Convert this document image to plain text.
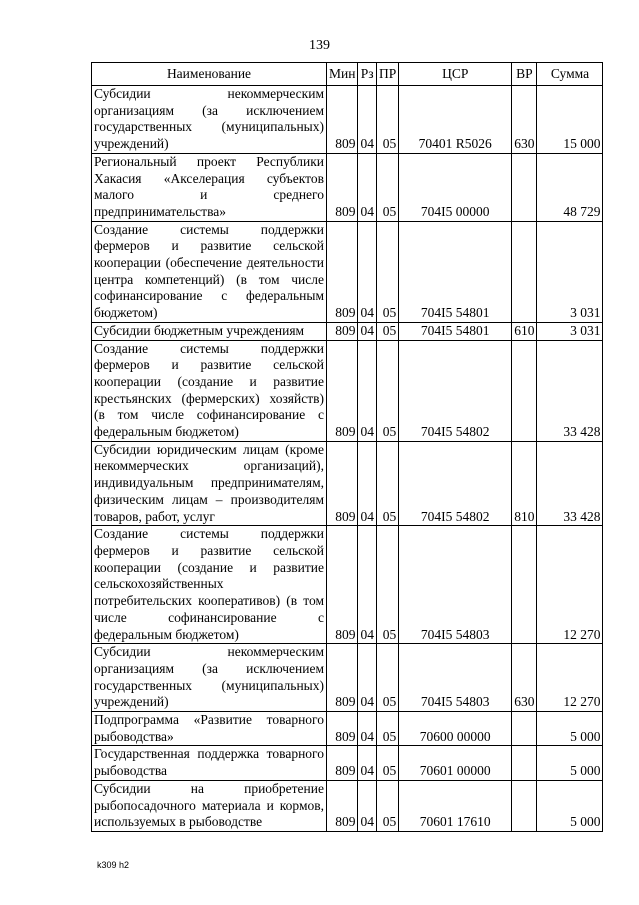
139
Наименование	Мин	Рз	ПР	ЦСР	ВР	Сумма
Субсидии некоммерческим организациям (за исключением государственных (муниципальных) учреждений)	809	04	05	70401 R5026	630	15 000
Региональный проект Республики Хакасия «Акселерация субъектов малого и среднего предпринимательства»	809	04	05	704I5 00000		48 729
Создание системы поддержки фермеров и развитие сельской кооперации (обеспечение деятельности центра компетенций) (в том числе софинансирование с федеральным бюджетом)	809	04	05	704I5 54801		3 031
Субсидии бюджетным учреждениям	809	04	05	704I5 54801	610	3 031
Создание системы поддержки фермеров и развитие сельской кооперации (создание и развитие крестьянских (фермерских) хозяйств) (в том числе софинансирование с федеральным бюджетом)	809	04	05	704I5 54802		33 428
Субсидии юридическим лицам (кроме некоммерческих организаций), индивидуальным предпринимателям, физическим лицам – производителям товаров, работ, услуг	809	04	05	704I5 54802	810	33 428
Создание системы поддержки фермеров и развитие сельской кооперации (создание и развитие сельскохозяйственных потребительских кооперативов) (в том числе софинансирование с федеральным бюджетом)	809	04	05	704I5 54803		12 270
Субсидии некоммерческим организациям (за исключением государственных (муниципальных) учреждений)	809	04	05	704I5 54803	630	12 270
Подпрограмма «Развитие товарного рыбоводства»	809	04	05	70600 00000		5 000
Государственная поддержка товарного рыбоводства	809	04	05	70601 00000		5 000
Субсидии на приобретение рыбопосадочного материала и кормов, используемых в рыбоводстве	809	04	05	70601 17610		5 000
k309 h2
